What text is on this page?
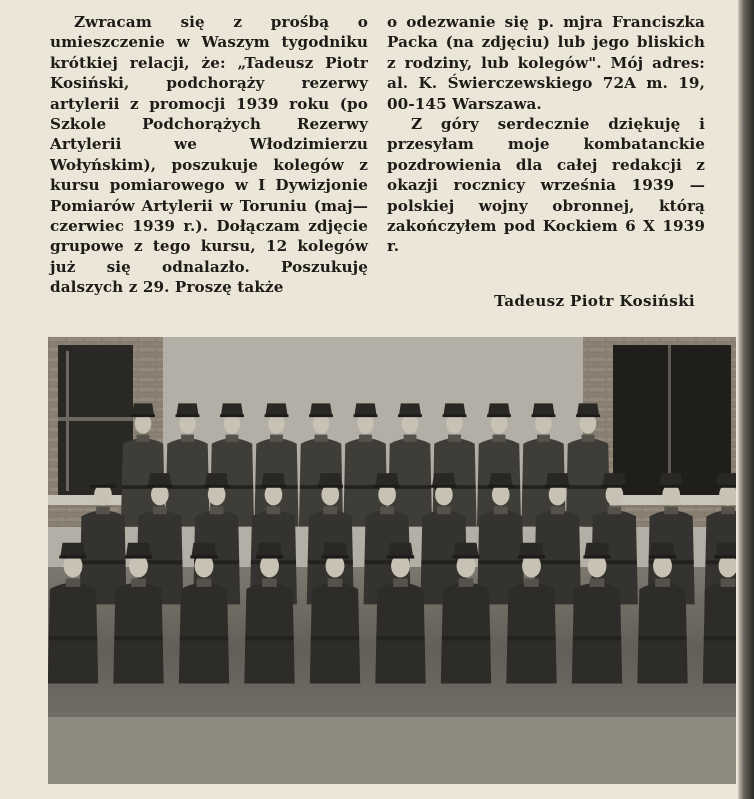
Zwracam się z prośbą o umieszczenie w Waszym tygodniku krótkiej relacji, że: „Tadeusz Piotr Kosiński, podchorąży rezerwy artylerii z promocji 1939 roku (po Szkole Podchorążych Rezerwy Artylerii we Włodzimierzu Wołyńskim), poszukuje kolegów z kursu pomiarowego w I Dywizjonie Pomiarów Artylerii w Toruniu (maj—czerwiec 1939 r.). Dołączam zdjęcie grupowe z tego kursu, 12 kolegów już się odnalazło. Poszukuję dalszych z 29. Proszę także

o odezwanie się p. mjra Franciszka Packa (na zdjęciu) lub jego bliskich z rodziny, lub kolegów". Mój adres: al. K. Świerczewskiego 72A m. 19, 00-145 Warszawa.

Z góry serdecznie dziękuję i przesyłam moje kombatanckie pozdrowienia dla całej redakcji z okazji rocznicy września 1939 — polskiej wojny obronnej, którą zakończyłem pod Kockiem 6 X 1939 r.

Tadeusz Piotr Kosiński
